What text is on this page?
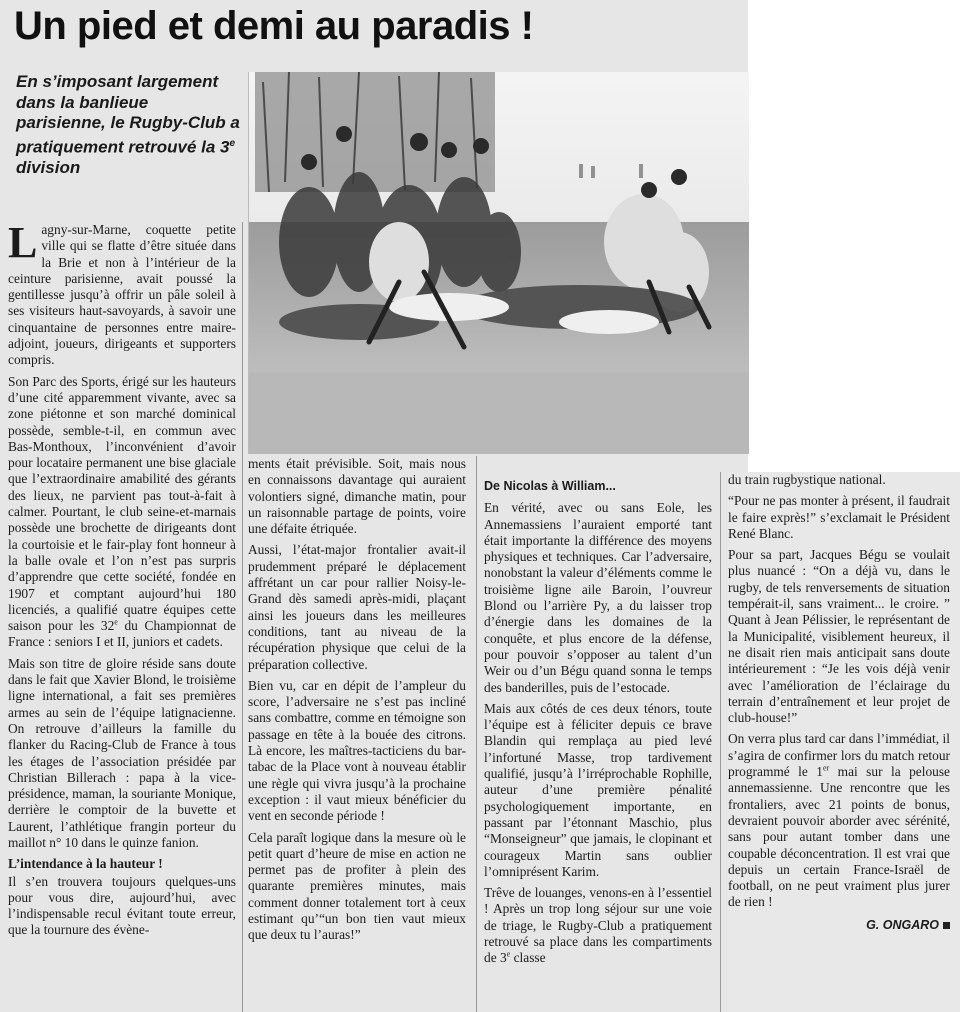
Un pied et demi au paradis !
En s’imposant largement dans la banlieue parisienne, le Rugby-Club a pratiquement retrouvé la 3e division

Lagny-sur-Marne, coquette petite ville qui se flatte d’être située dans la Brie et non à l’intérieur de la ceinture parisienne, avait poussé la gentillesse jusqu’à offrir un pâle soleil à ses visiteurs haut-savoyards, à savoir une cinquantaine de personnes entre maire-adjoint, joueurs, dirigeants et supporters compris.

Son Parc des Sports, érigé sur les hauteurs d’une cité apparemment vivante, avec sa zone piétonne et son marché dominical possède, semble-t-il, en commun avec Bas-Monthoux, l’inconvénient d’avoir pour locataire permanent une bise glaciale que l’extraordinaire amabilité des gérants des lieux, ne parvient pas tout-à-fait à calmer. Pourtant, le club seine-et-marnais possède une brochette de dirigeants dont la courtoisie et le fair-play font honneur à la balle ovale et l’on n’est pas surpris d’apprendre que cette société, fondée en 1907 et comptant aujourd’hui 180 licenciés, a qualifié quatre équipes cette saison pour les 32e du Championnat de France : seniors I et II, juniors et cadets.

Mais son titre de gloire réside sans doute dans le fait que Xavier Blond, le troisième ligne international, a fait ses premières armes au sein de l’équipe latignacienne. On retrouve d’ailleurs la famille du flanker du Racing-Club de France à tous les étages de l’association présidée par Christian Billerach : papa à la vice-présidence, maman, la souriante Monique, derrière le comptoir de la buvette et Laurent, l’athlétique frangin porteur du maillot n° 10 dans le quinze fanion.

L’intendance à la hauteur !

Il s’en trouvera toujours quelques-uns pour vous dire, aujourd’hui, avec l’indispensable recul évitant toute erreur, que la tournure des évène-

ments était prévisible. Soit, mais nous en connaissons davantage qui auraient volontiers signé, dimanche matin, pour un raisonnable partage de points, voire une défaite étriquée.

Aussi, l’état-major frontalier avait-il prudemment préparé le déplacement affrétant un car pour rallier Noisy-le-Grand dès samedi après-midi, plaçant ainsi les joueurs dans les meilleures conditions, tant au niveau de la récupération physique que celui de la préparation collective.

Bien vu, car en dépit de l’ampleur du score, l’adversaire ne s’est pas incliné sans combattre, comme en témoigne son passage en tête à la bouée des citrons. Là encore, les maîtres-tacticiens du bar-tabac de la Place vont à nouveau établir une règle qui vivra jusqu’à la prochaine exception : il vaut mieux bénéficier du vent en seconde période !

Cela paraît logique dans la mesure où le petit quart d’heure de mise en action ne permet pas de profiter à plein des quarante premières minutes, mais comment donner totalement tort à ceux estimant qu’“un bon tien vaut mieux que deux tu l’auras!”

De Nicolas à William...

En vérité, avec ou sans Eole, les Annemassiens l’auraient emporté tant était importante la différence des moyens physiques et techniques. Car l’adversaire, nonobstant la valeur d’éléments comme le troisième ligne aile Baroin, l’ouvreur Blond ou l’arrière Py, a du laisser trop d’énergie dans les domaines de la conquête, et plus encore de la défense, pour pouvoir s’opposer au talent d’un Weir ou d’un Bégu quand sonna le temps des banderilles, puis de l’estocade.

Mais aux côtés de ces deux ténors, toute l’équipe est à féliciter depuis ce brave Blandin qui remplaça au pied levé l’infortuné Masse, trop tardivement qualifié, jusqu’à l’irréprochable Rophille, auteur d’une première pénalité psychologiquement importante, en passant par l’étonnant Maschio, plus “Monseigneur” que jamais, le clopinant et courageux Martin sans oublier l’omniprésent Karim.

Trêve de louanges, venons-en à l’essentiel ! Après un trop long séjour sur une voie de triage, le Rugby-Club a pratiquement retrouvé sa place dans les compartiments de 3e classe

du train rugbystique national.

“Pour ne pas monter à présent, il faudrait le faire exprès!” s’exclamait le Président René Blanc.

Pour sa part, Jacques Bégu se voulait plus nuancé : “On a déjà vu, dans le rugby, de tels renversements de situation tempérait-il, sans vraiment... le croire. ” Quant à Jean Pélissier, le représentant de la Municipalité, visiblement heureux, il ne disait rien mais anticipait sans doute intérieurement : “Je les vois déjà venir avec l’amélioration de l’éclairage du terrain d’entraînement et leur projet de club-house!”

On verra plus tard car dans l’immédiat, il s’agira de confirmer lors du match retour programmé le 1er mai sur la pelouse annemassienne. Une rencontre que les frontaliers, avec 21 points de bonus, devraient pouvoir aborder avec sérénité, sans pour autant tomber dans une coupable déconcentration. Il est vrai que depuis un certain France-Israël de football, on ne peut vraiment plus jurer de rien !

G. ONGARO
